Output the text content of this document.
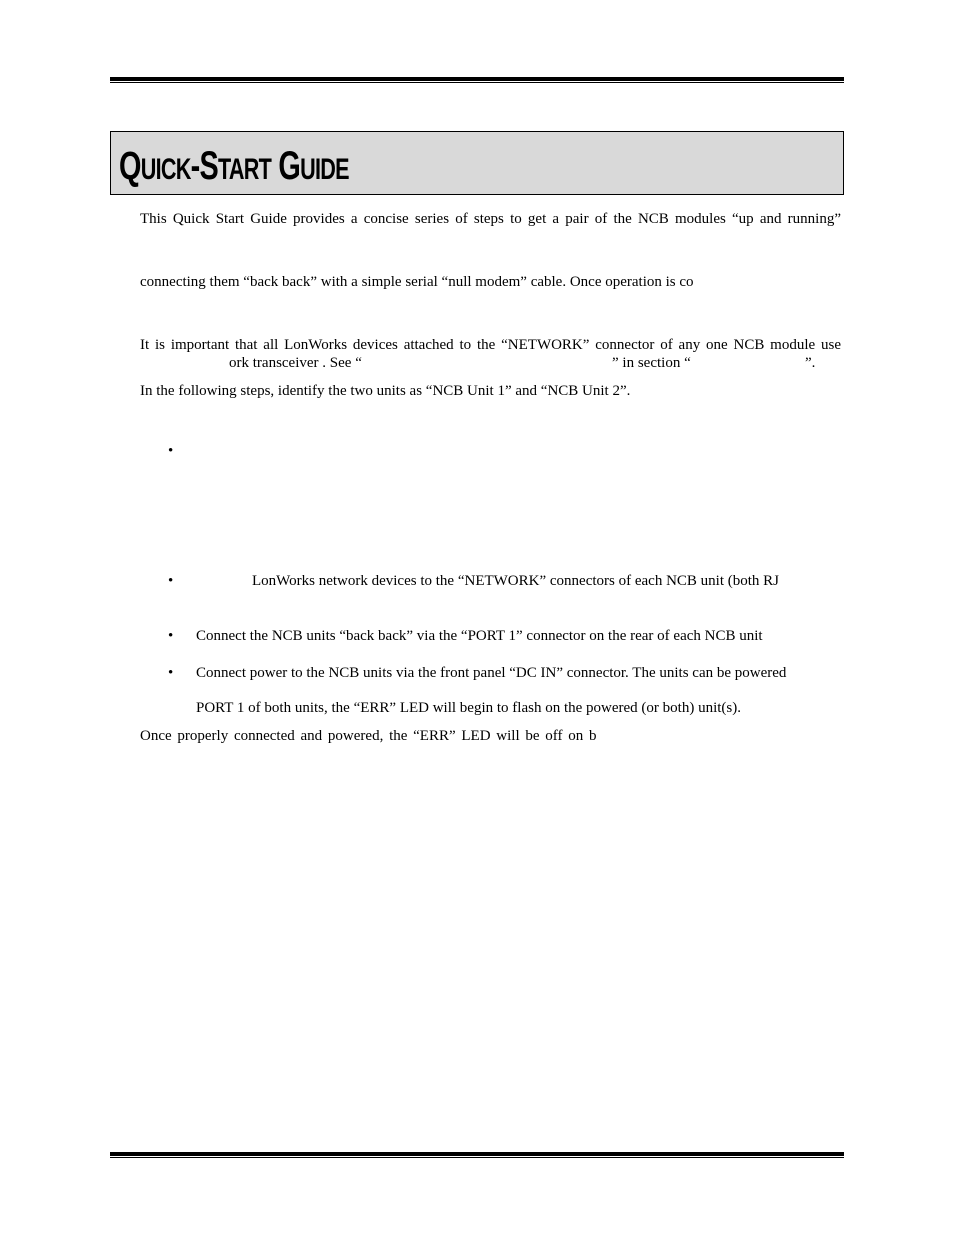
QUICK-START GUIDE
This Quick Start Guide provides a concise series of steps to get a pair of the NCB modules “up and running”
connecting them “back back” with a simple serial “null modem” cable. Once operation is co
It is important that all LonWorks devices attached to the “NETWORK” connector of any one NCB module use
ork transceiver . See “	” in section “	”.
In the following steps, identify the two units as “NCB Unit 1” and “NCB Unit 2”.
•
•	LonWorks network devices to the “NETWORK” connectors of each NCB unit (both RJ
• Connect the NCB units “back back” via the “PORT 1” connector on the rear of each NCB unit
• Connect power to the NCB units via the front panel “DC IN” connector. The units can be powered
PORT 1 of both units, the “ERR” LED will begin to flash on the powered (or both) unit(s).
Once properly connected and powered, the “ERR” LED will be off on b
